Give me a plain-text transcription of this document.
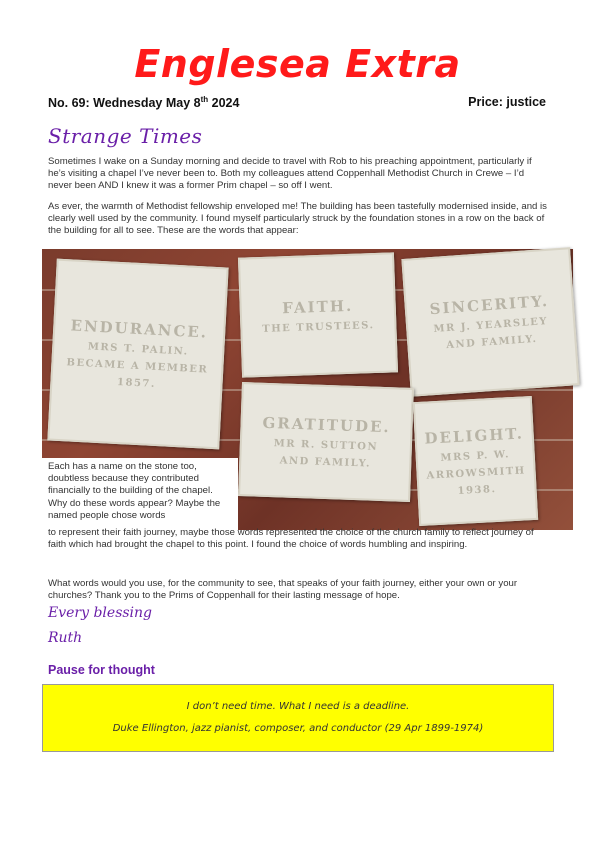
Englesea Extra
No. 69: Wednesday May 8th 2024	Price: justice
Strange Times
Sometimes I wake on a Sunday morning and decide to travel with Rob to his preaching appointment, particularly if he’s visiting a chapel I’ve never been to. Both my colleagues attend Coppenhall Methodist Church in Crewe – I’d never been AND I knew it was a former Prim chapel – so off I went.
As ever, the warmth of Methodist fellowship enveloped me! The building has been tastefully modernised inside, and is clearly well used by the community. I found myself particularly struck by the foundation stones in a row on the back of the building for all to see. These are the words that appear:
ENDURANCE.
MRS T. PALIN.
BECAME A MEMBER
1857.
FAITH.
THE TRUSTEES.
SINCERITY.
MR J. YEARSLEY
AND FAMILY.
GRATITUDE.
MR R. SUTTON
AND FAMILY.
DELIGHT.
MRS P. W.
ARROWSMITH
1938.
Each has a name on the stone too, doubtless because they contributed financially to the building of the chapel. Why do these words appear? Maybe the named people chose words
to represent their faith journey, maybe those words represented the choice of the church family to reflect journey of faith which had brought the chapel to this point. I found the choice of words humbling and inspiring.
What words would you use, for the community to see, that speaks of your faith journey, either your own or your churches? Thank you to the Prims of Coppenhall for their lasting message of hope.
Every blessing
Ruth
Pause for thought
I don’t need time. What I need is a deadline.
Duke Ellington, jazz pianist, composer, and conductor (29 Apr 1899-1974)
